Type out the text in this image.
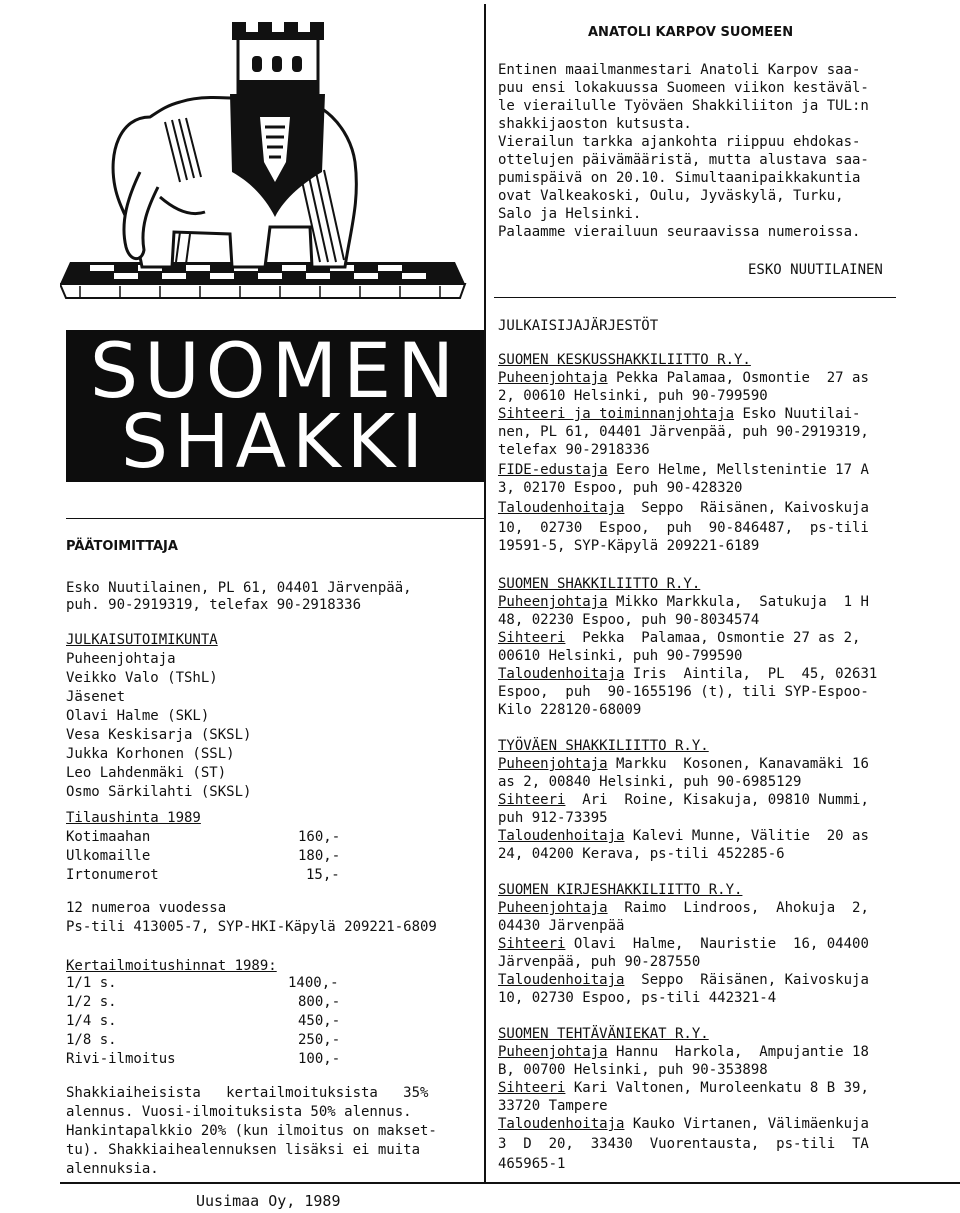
SUOMEN
SHAKKI
PÄÄTOIMITTAJA
Esko Nuutilainen, PL 61, 04401 Järvenpää,
puh. 90-2919319, telefax 90-2918336
JULKAISUTOIMIKUNTA
Puheenjohtaja
Veikko Valo (TShL)
Jäsenet
Olavi Halme (SKL)
Vesa Keskisarja (SKSL)
Jukka Korhonen (SSL)
Leo Lahdenmäki (ST)
Osmo Särkilahti (SKSL)
Tilaushinta 1989
Kotimaahan	160,-
Ulkomaille	180,-
Irtonumerot	15,-
12 numeroa vuodessa
Ps-tili 413005-7, SYP-HKI-Käpylä 209221-6809
Kertailmoitushinnat 1989:
1/1 s.	1400,-
1/2 s.	800,-
1/4 s.	450,-
1/8 s.	250,-
Rivi-ilmoitus	100,-
Shakkiaiheisista   kertailmoituksista   35%
alennus. Vuosi-ilmoituksista 50% alennus.
Hankintapalkkio 20% (kun ilmoitus on makset-
tu). Shakkiaihealennuksen lisäksi ei muita
alennuksia.
Uusimaa Oy, 1989
ANATOLI KARPOV SUOMEEN
Entinen maailmanmestari Anatoli Karpov saa-
puu ensi lokakuussa Suomeen viikon kestäväl-
le vierailulle Työväen Shakkiliiton ja TUL:n
shakkijaoston kutsusta.
Vierailun tarkka ajankohta riippuu ehdokas-
ottelujen päivämääristä, mutta alustava saa-
pumispäivä on 20.10. Simultaanipaikkakuntia
ovat Valkeakoski, Oulu, Jyväskylä, Turku,
Salo ja Helsinki.
Palaamme vierailuun seuraavissa numeroissa.
ESKO NUUTILAINEN
JULKAISIJAJÄRJESTÖT
SUOMEN KESKUSSHAKKILIITTO R.Y.
Puheenjohtaja Pekka Palamaa, Osmontie  27 as
2, 00610 Helsinki, puh 90-799590
Sihteeri ja toiminnanjohtaja Esko Nuutilai-
nen, PL 61, 04401 Järvenpää, puh 90-2919319,
telefax 90-2918336
FIDE-edustaja Eero Helme, Mellstenintie 17 A
3, 02170 Espoo, puh 90-428320
Taloudenhoitaja  Seppo  Räisänen, Kaivoskuja
10,  02730  Espoo,  puh  90-846487,  ps-tili
19591-5, SYP-Käpylä 209221-6189
SUOMEN SHAKKILIITTO R.Y.
Puheenjohtaja Mikko Markkula,  Satukuja  1 H
48, 02230 Espoo, puh 90-8034574
Sihteeri  Pekka  Palamaa, Osmontie 27 as 2,
00610 Helsinki, puh 90-799590
Taloudenhoitaja Iris  Aintila,  PL  45, 02631
Espoo,  puh  90-1655196 (t), tili SYP-Espoo-
Kilo 228120-68009
TYÖVÄEN SHAKKILIITTO R.Y.
Puheenjohtaja Markku  Kosonen, Kanavamäki 16
as 2, 00840 Helsinki, puh 90-6985129
Sihteeri  Ari  Roine, Kisakuja, 09810 Nummi,
puh 912-73395
Taloudenhoitaja Kalevi Munne, Välitie  20 as
24, 04200 Kerava, ps-tili 452285-6
SUOMEN KIRJESHAKKILIITTO R.Y.
Puheenjohtaja  Raimo  Lindroos,  Ahokuja  2,
04430 Järvenpää
Sihteeri Olavi  Halme,  Nauristie  16, 04400
Järvenpää, puh 90-287550
Taloudenhoitaja  Seppo  Räisänen, Kaivoskuja
10, 02730 Espoo, ps-tili 442321-4
SUOMEN TEHTÄVÄNIEKAT R.Y.
Puheenjohtaja Hannu  Harkola,  Ampujantie 18
B, 00700 Helsinki, puh 90-353898
Sihteeri Kari Valtonen, Muroleenkatu 8 B 39,
33720 Tampere
Taloudenhoitaja Kauko Virtanen, Välimäenkuja
3  D  20,  33430  Vuorentausta,  ps-tili  TA
465965-1
